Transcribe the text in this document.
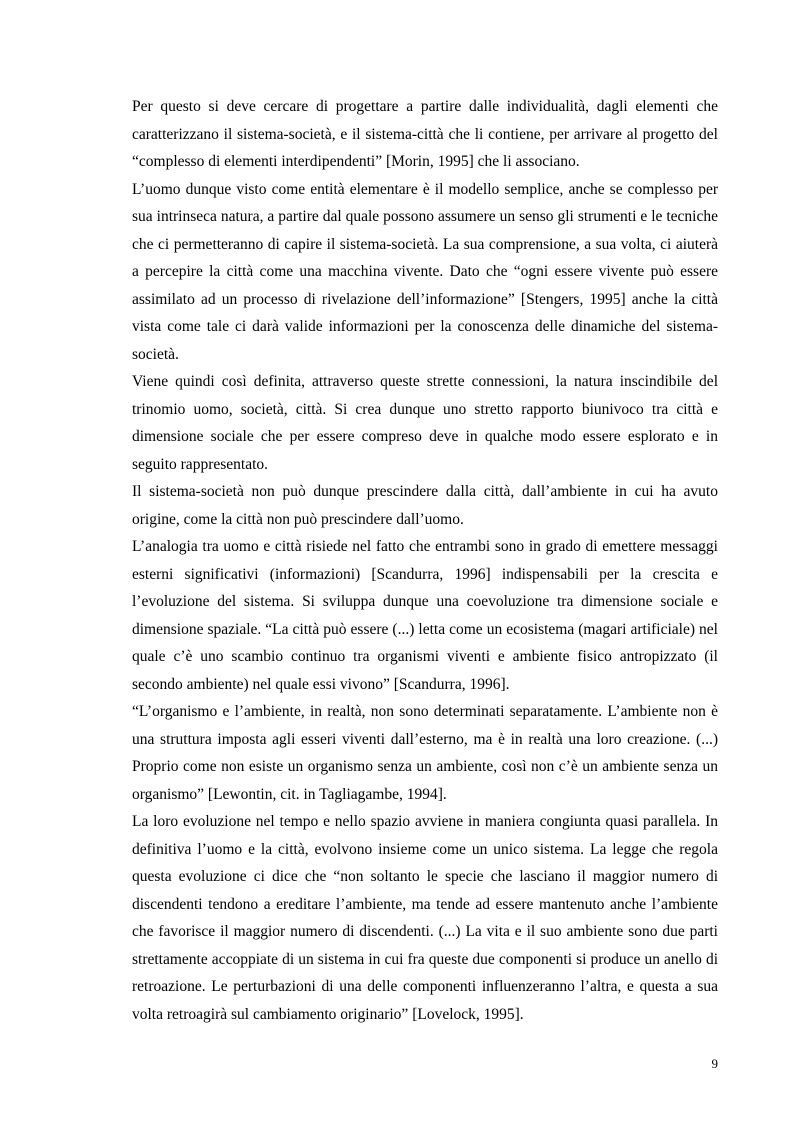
Per questo si deve cercare di progettare a partire dalle individualità, dagli elementi che caratterizzano il sistema-società, e il sistema-città che li contiene, per arrivare al progetto del “complesso di elementi interdipendenti” [Morin, 1995] che li associano.

L’uomo dunque visto come entità elementare è il modello semplice, anche se complesso per sua intrinseca natura, a partire dal quale possono assumere un senso gli strumenti e le tecniche che ci permetteranno di capire il sistema-società. La sua comprensione, a sua volta, ci aiuterà a percepire la città come una macchina vivente. Dato che “ogni essere vivente può essere assimilato ad un processo di rivelazione dell’informazione” [Stengers, 1995] anche la città vista come tale ci darà valide informazioni per la conoscenza delle dinamiche del sistema-società.

Viene quindi così definita, attraverso queste strette connessioni, la natura inscindibile del trinomio uomo, società, città. Si crea dunque uno stretto rapporto biunivoco tra città e dimensione sociale che per essere compreso deve in qualche modo essere esplorato e in seguito rappresentato.

Il sistema-società non può dunque prescindere dalla città, dall’ambiente in cui ha avuto origine, come la città non può prescindere dall’uomo.

L’analogia tra uomo e città risiede nel fatto che entrambi sono in grado di emettere messaggi esterni significativi (informazioni) [Scandurra, 1996] indispensabili per la crescita e l’evoluzione del sistema. Si sviluppa dunque una coevoluzione tra dimensione sociale e dimensione spaziale. “La città può essere (...) letta come un ecosistema (magari artificiale) nel quale c’è uno scambio continuo tra organismi viventi e ambiente fisico antropizzato (il secondo ambiente) nel quale essi vivono” [Scandurra, 1996].

“L’organismo e l’ambiente, in realtà, non sono determinati separatamente. L’ambiente non è una struttura imposta agli esseri viventi dall’esterno, ma è in realtà una loro creazione. (...) Proprio come non esiste un organismo senza un ambiente, così non c’è un ambiente senza un organismo” [Lewontin, cit. in Tagliagambe, 1994].

La loro evoluzione nel tempo e nello spazio avviene in maniera congiunta quasi parallela. In definitiva l’uomo e la città, evolvono insieme come un unico sistema. La legge che regola questa evoluzione ci dice che “non soltanto le specie che lasciano il maggior numero di discendenti tendono a ereditare l’ambiente, ma tende ad essere mantenuto anche l’ambiente che favorisce il maggior numero di discendenti. (...) La vita e il suo ambiente sono due parti strettamente accoppiate di un sistema in cui fra queste due componenti si produce un anello di retroazione. Le perturbazioni di una delle componenti influenzeranno l’altra, e questa a sua volta retroagirà sul cambiamento originario” [Lovelock, 1995].

9
